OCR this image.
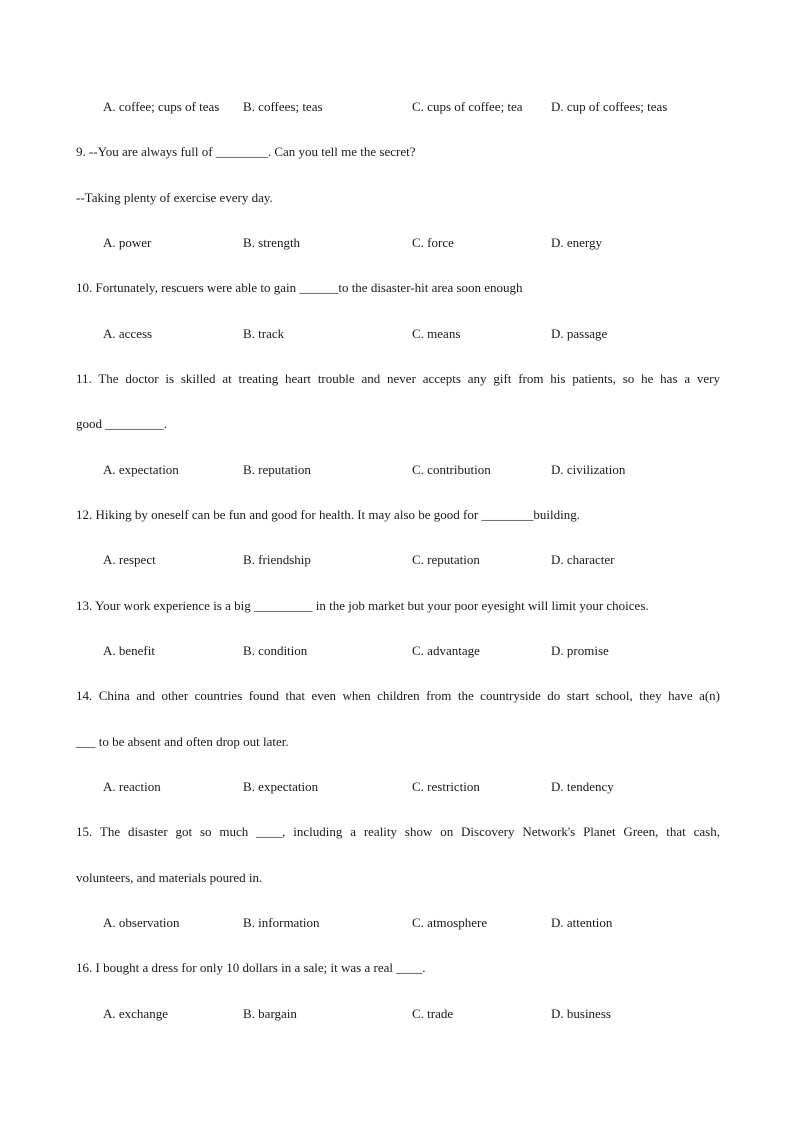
A. coffee; cups of teas B. coffees; teas	C. cups of coffee; tea D. cup of coffees; teas
9. --You are always full of ________. Can you tell me the secret?
--Taking plenty of exercise every day.
A. power	B. strength	C. force	D. energy
10. Fortunately, rescuers were able to gain ______to the disaster-hit area soon enough
A. access	B. track	C. means	D. passage
11. The doctor is skilled at treating heart trouble and never accepts any gift from his patients, so he has a very
good _________.
A. expectation	B. reputation	C. contribution	D. civilization
12. Hiking by oneself can be fun and good for health. It may also be good for ________building.
A. respect	B. friendship	C. reputation	D. character
13. Your work experience is a big _________ in the job market but your poor eyesight will limit your choices.
A. benefit	B. condition	C. advantage	D. promise
14. China and other countries found that even when children from the countryside do start school, they have a(n)
___ to be absent and often drop out later.
A. reaction	B. expectation	C. restriction	D. tendency
15. The disaster got so much ____, including a reality show on Discovery Network's Planet Green, that cash,
volunteers, and materials poured in.
A. observation	B. information	C. atmosphere	D. attention
16. I bought a dress for only 10 dollars in a sale; it was a real ____.
A. exchange	B. bargain	C. trade	D. business
